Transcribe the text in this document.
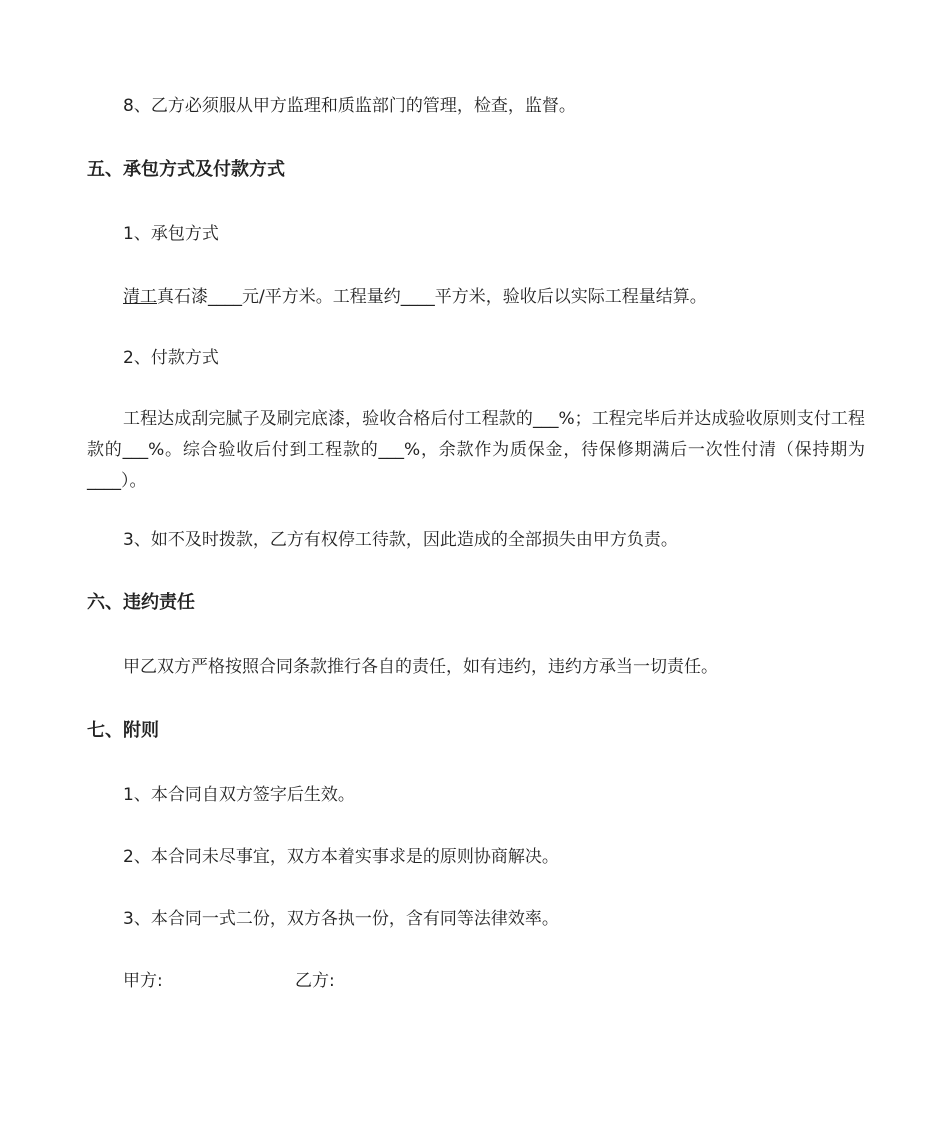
8、乙方必须服从甲方监理和质监部门的管理，检查，监督。
五、承包方式及付款方式
1、承包方式
清工真石漆____元/平方米。工程量约____平方米，验收后以实际工程量结算。
2、付款方式
工程达成刮完腻子及刷完底漆，验收合格后付工程款的___%；工程完毕后并达成验收原则支付工程款的___%。综合验收后付到工程款的___%，余款作为质保金，待保修期满后一次性付清（保持期为____）。
3、如不及时拨款，乙方有权停工待款，因此造成的全部损失由甲方负责。
六、违约责任
甲乙双方严格按照合同条款推行各自的责任，如有违约，违约方承当一切责任。
七、附则
1、本合同自双方签字后生效。
2、本合同未尽事宜，双方本着实事求是的原则协商解决。
3、本合同一式二份，双方各执一份，含有同等法律效率。
甲方:	乙方:
